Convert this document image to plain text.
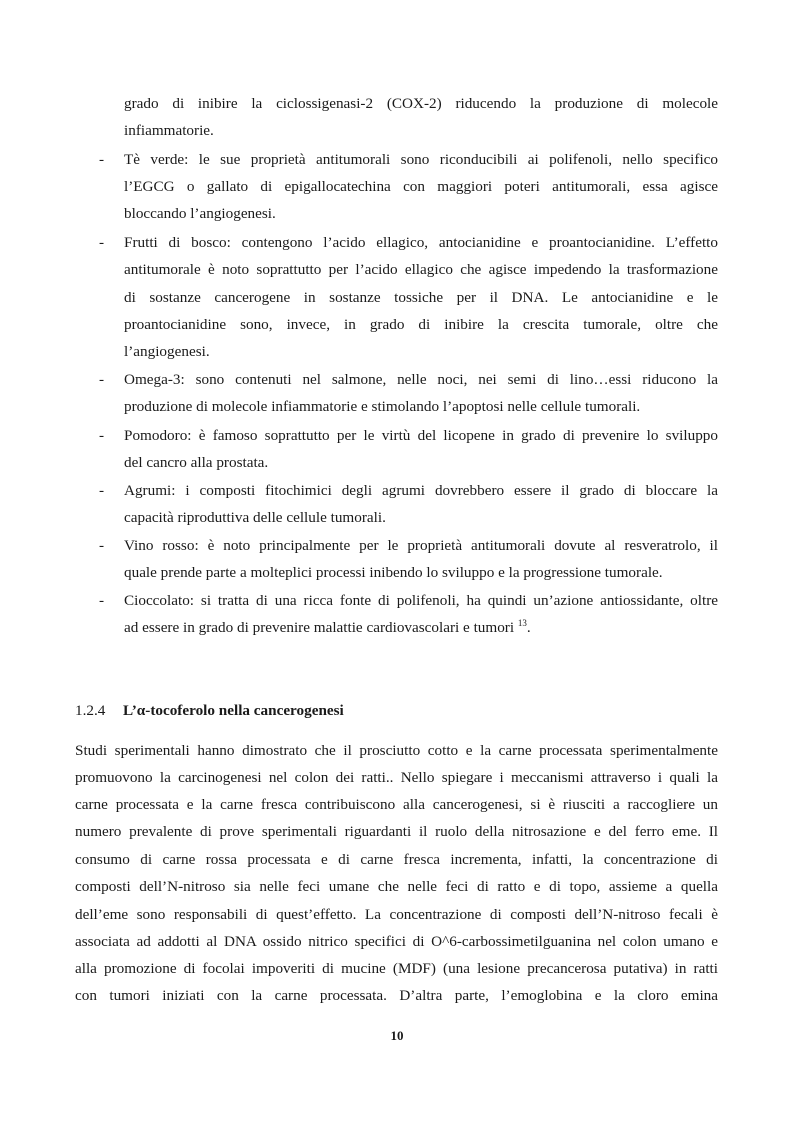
grado di inibire la ciclossigenasi-2 (COX-2) riducendo la produzione di molecole
infiammatorie.
- Tè verde: le sue proprietà antitumorali sono riconducibili ai polifenoli, nello specifico
l’EGCG o gallato di epigallocatechina con maggiori poteri antitumorali, essa agisce
bloccando l’angiogenesi.
- Frutti di bosco: contengono l’acido ellagico, antocianidine e proantocianidine. L’effetto
antitumorale è noto soprattutto per l’acido ellagico che agisce impedendo la trasformazione
di sostanze cancerogene in sostanze tossiche per il DNA. Le antocianidine e le
proantocianidine sono, invece, in grado di inibire la crescita tumorale, oltre che
l’angiogenesi.
- Omega-3: sono contenuti nel salmone, nelle noci, nei semi di lino…essi riducono la
produzione di molecole infiammatorie e stimolando l’apoptosi nelle cellule tumorali.
- Pomodoro: è famoso soprattutto per le virtù del licopene in grado di prevenire lo sviluppo
del cancro alla prostata.
- Agrumi: i composti fitochimici degli agrumi dovrebbero essere il grado di bloccare la
capacità riproduttiva delle cellule tumorali.
- Vino rosso: è noto principalmente per le proprietà antitumorali dovute al resveratrolo, il
quale prende parte a molteplici processi inibendo lo sviluppo e la progressione tumorale.
- Cioccolato: si tratta di una ricca fonte di polifenoli, ha quindi un’azione antiossidante, oltre
ad essere in grado di prevenire malattie cardiovascolari e tumori $^{13}$.
1.2.4 L’α-tocoferolo nella cancerogenesi
Studi sperimentali hanno dimostrato che il prosciutto cotto e la carne processata sperimentalmente
promuovono la carcinogenesi nel colon dei ratti.. Nello spiegare i meccanismi attraverso i quali la
carne processata e la carne fresca contribuiscono alla cancerogenesi, si è riusciti a raccogliere un
numero prevalente di prove sperimentali riguardanti il ruolo della nitrosazione e del ferro eme. Il
consumo di carne rossa processata e di carne fresca incrementa, infatti, la concentrazione di
composti dell’N-nitroso sia nelle feci umane che nelle feci di ratto e di topo, assieme a quella
dell’eme sono responsabili di quest’effetto. La concentrazione di composti dell’N-nitroso fecali è
associata ad addotti al DNA ossido nitrico specifici di O^6-carbossimetilguanina nel colon umano e
alla promozione di focolai impoveriti di mucine (MDF) (una lesione precancerosa putativa) in ratti
con tumori iniziati con la carne processata. D’altra parte, l’emoglobina e la cloro emina
10
